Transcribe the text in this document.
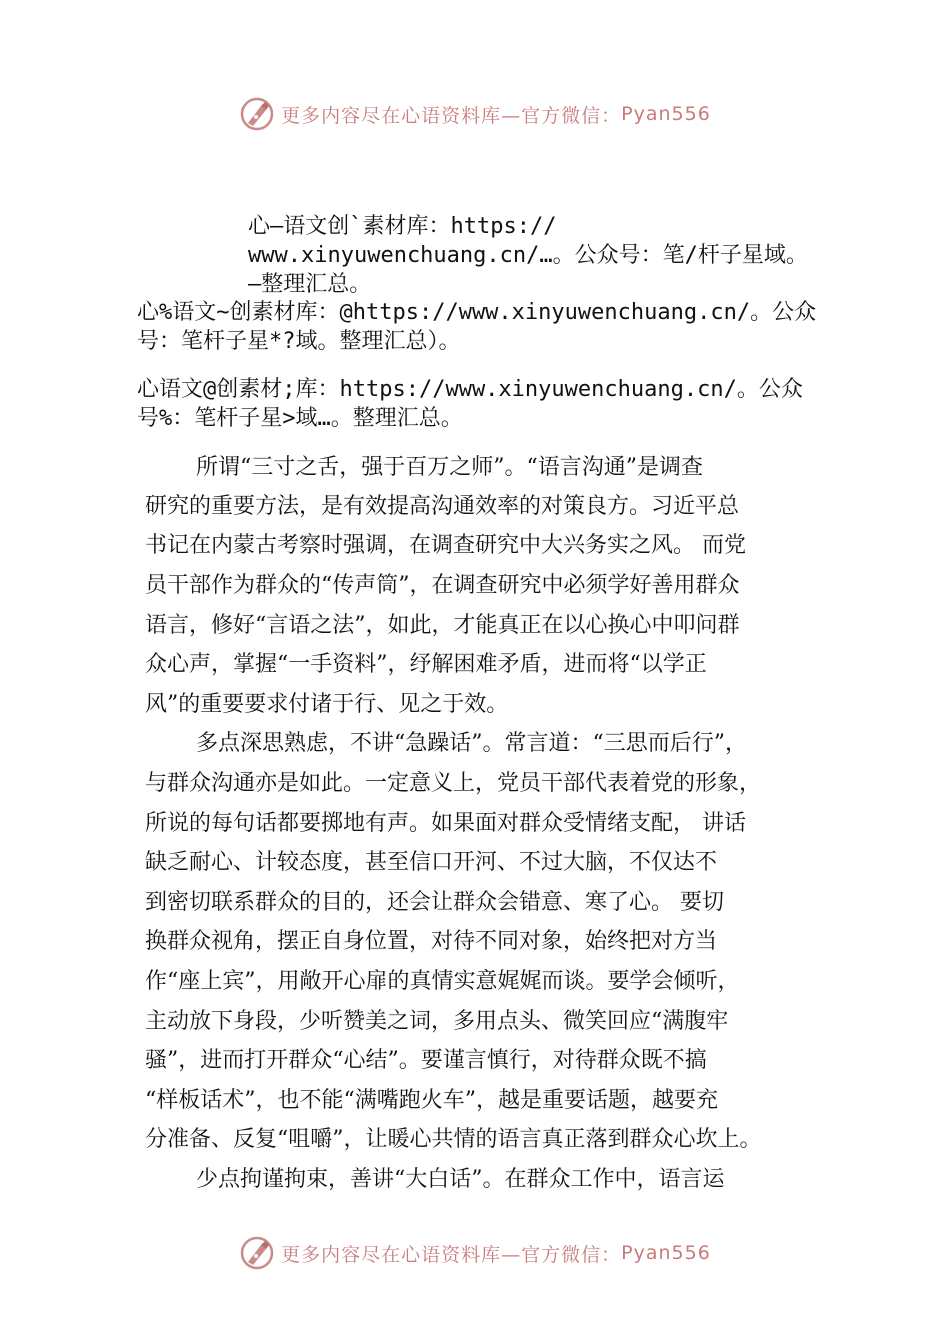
更多内容尽在心语资料库—官方微信： Pyan556

心—语文创`素材库：https://

www.xinyuwenchuang.cn/…。公众号：笔/杆子星域。

—整理汇总。

心%语文~创素材库：@https://www.xinyuwenchuang.cn/。公众

号：笔杆子星*?域。整理汇总）。

心语文@创素材;库：https://www.xinyuwenchuang.cn/。公众

号%：笔杆子星>域…。整理汇总。

所谓“三寸之舌，强于百万之师”。“语言沟通”是调查

研究的重要方法，是有效提高沟通效率的对策良方。习近平总

书记在内蒙古考察时强调，在调查研究中大兴务实之风。 而党

员干部作为群众的“传声筒”，在调查研究中必须学好善用群众

语言，修好“言语之法”，如此，才能真正在以心换心中叩问群

众心声，掌握“一手资料”，纾解困难矛盾，进而将“以学正

风”的重要要求付诸于行、见之于效。

多点深思熟虑，不讲“急躁话”。常言道：“三思而后行”，

与群众沟通亦是如此。一定意义上，党员干部代表着党的形象，

所说的每句话都要掷地有声。如果面对群众受情绪支配， 讲话

缺乏耐心、计较态度，甚至信口开河、不过大脑，不仅达不

到密切联系群众的目的，还会让群众会错意、寒了心。 要切

换群众视角，摆正自身位置，对待不同对象，始终把对方当

作“座上宾”，用敞开心扉的真情实意娓娓而谈。要学会倾听，

主动放下身段，少听赞美之词，多用点头、微笑回应“满腹牢

骚”，进而打开群众“心结”。要谨言慎行，对待群众既不搞

“样板话术”，也不能“满嘴跑火车”，越是重要话题，越要充

分准备、反复“咀嚼”，让暖心共情的语言真正落到群众心坎上。

少点拘谨拘束，善讲“大白话”。在群众工作中，语言运

更多内容尽在心语资料库—官方微信： Pyan556
